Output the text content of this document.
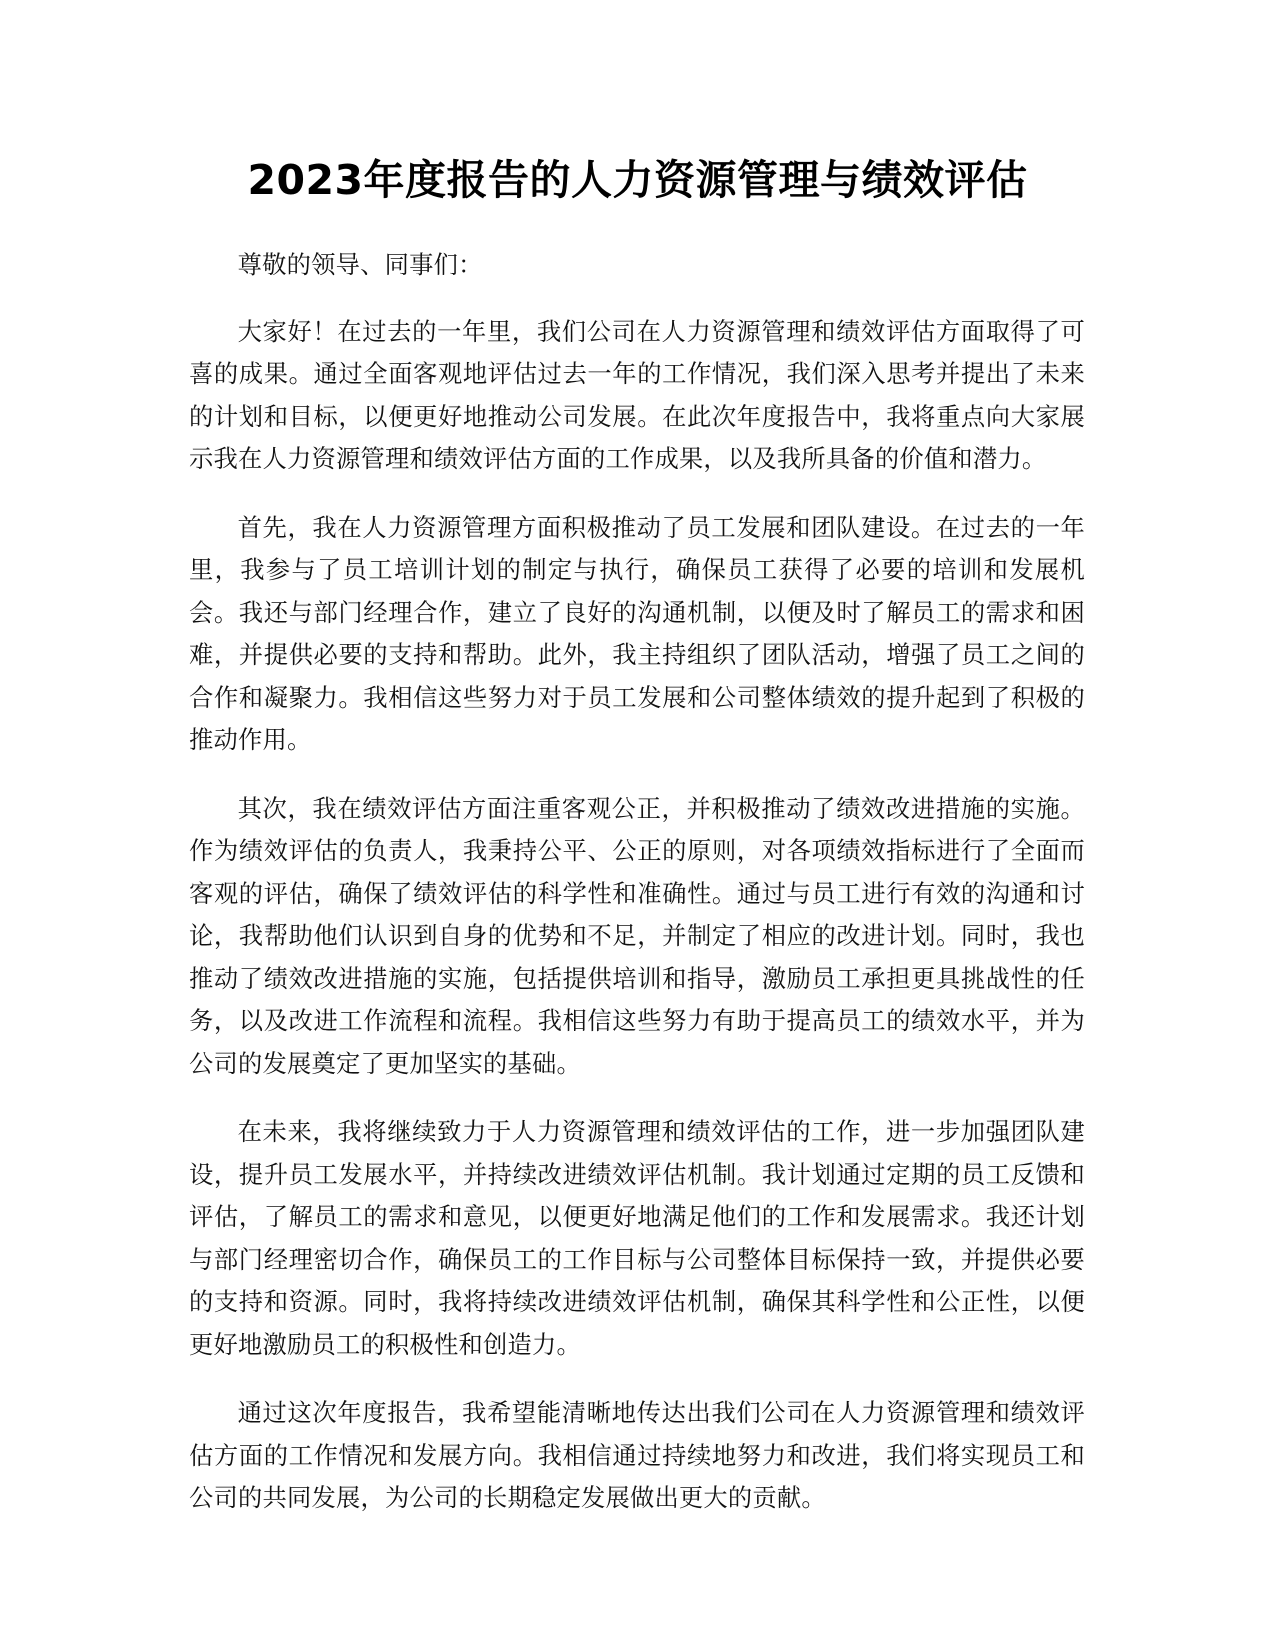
2023年度报告的人力资源管理与绩效评估

尊敬的领导、同事们：

大家好！在过去的一年里，我们公司在人力资源管理和绩效评估方面取得了可喜的成果。通过全面客观地评估过去一年的工作情况，我们深入思考并提出了未来的计划和目标，以便更好地推动公司发展。在此次年度报告中，我将重点向大家展示我在人力资源管理和绩效评估方面的工作成果，以及我所具备的价值和潜力。

首先，我在人力资源管理方面积极推动了员工发展和团队建设。在过去的一年里，我参与了员工培训计划的制定与执行，确保员工获得了必要的培训和发展机会。我还与部门经理合作，建立了良好的沟通机制，以便及时了解员工的需求和困难，并提供必要的支持和帮助。此外，我主持组织了团队活动，增强了员工之间的合作和凝聚力。我相信这些努力对于员工发展和公司整体绩效的提升起到了积极的推动作用。

其次，我在绩效评估方面注重客观公正，并积极推动了绩效改进措施的实施。作为绩效评估的负责人，我秉持公平、公正的原则，对各项绩效指标进行了全面而客观的评估，确保了绩效评估的科学性和准确性。通过与员工进行有效的沟通和讨论，我帮助他们认识到自身的优势和不足，并制定了相应的改进计划。同时，我也推动了绩效改进措施的实施，包括提供培训和指导，激励员工承担更具挑战性的任务，以及改进工作流程和流程。我相信这些努力有助于提高员工的绩效水平，并为公司的发展奠定了更加坚实的基础。

在未来，我将继续致力于人力资源管理和绩效评估的工作，进一步加强团队建设，提升员工发展水平，并持续改进绩效评估机制。我计划通过定期的员工反馈和评估，了解员工的需求和意见，以便更好地满足他们的工作和发展需求。我还计划与部门经理密切合作，确保员工的工作目标与公司整体目标保持一致，并提供必要的支持和资源。同时，我将持续改进绩效评估机制，确保其科学性和公正性，以便更好地激励员工的积极性和创造力。

通过这次年度报告，我希望能清晰地传达出我们公司在人力资源管理和绩效评估方面的工作情况和发展方向。我相信通过持续地努力和改进，我们将实现员工和公司的共同发展，为公司的长期稳定发展做出更大的贡献。
